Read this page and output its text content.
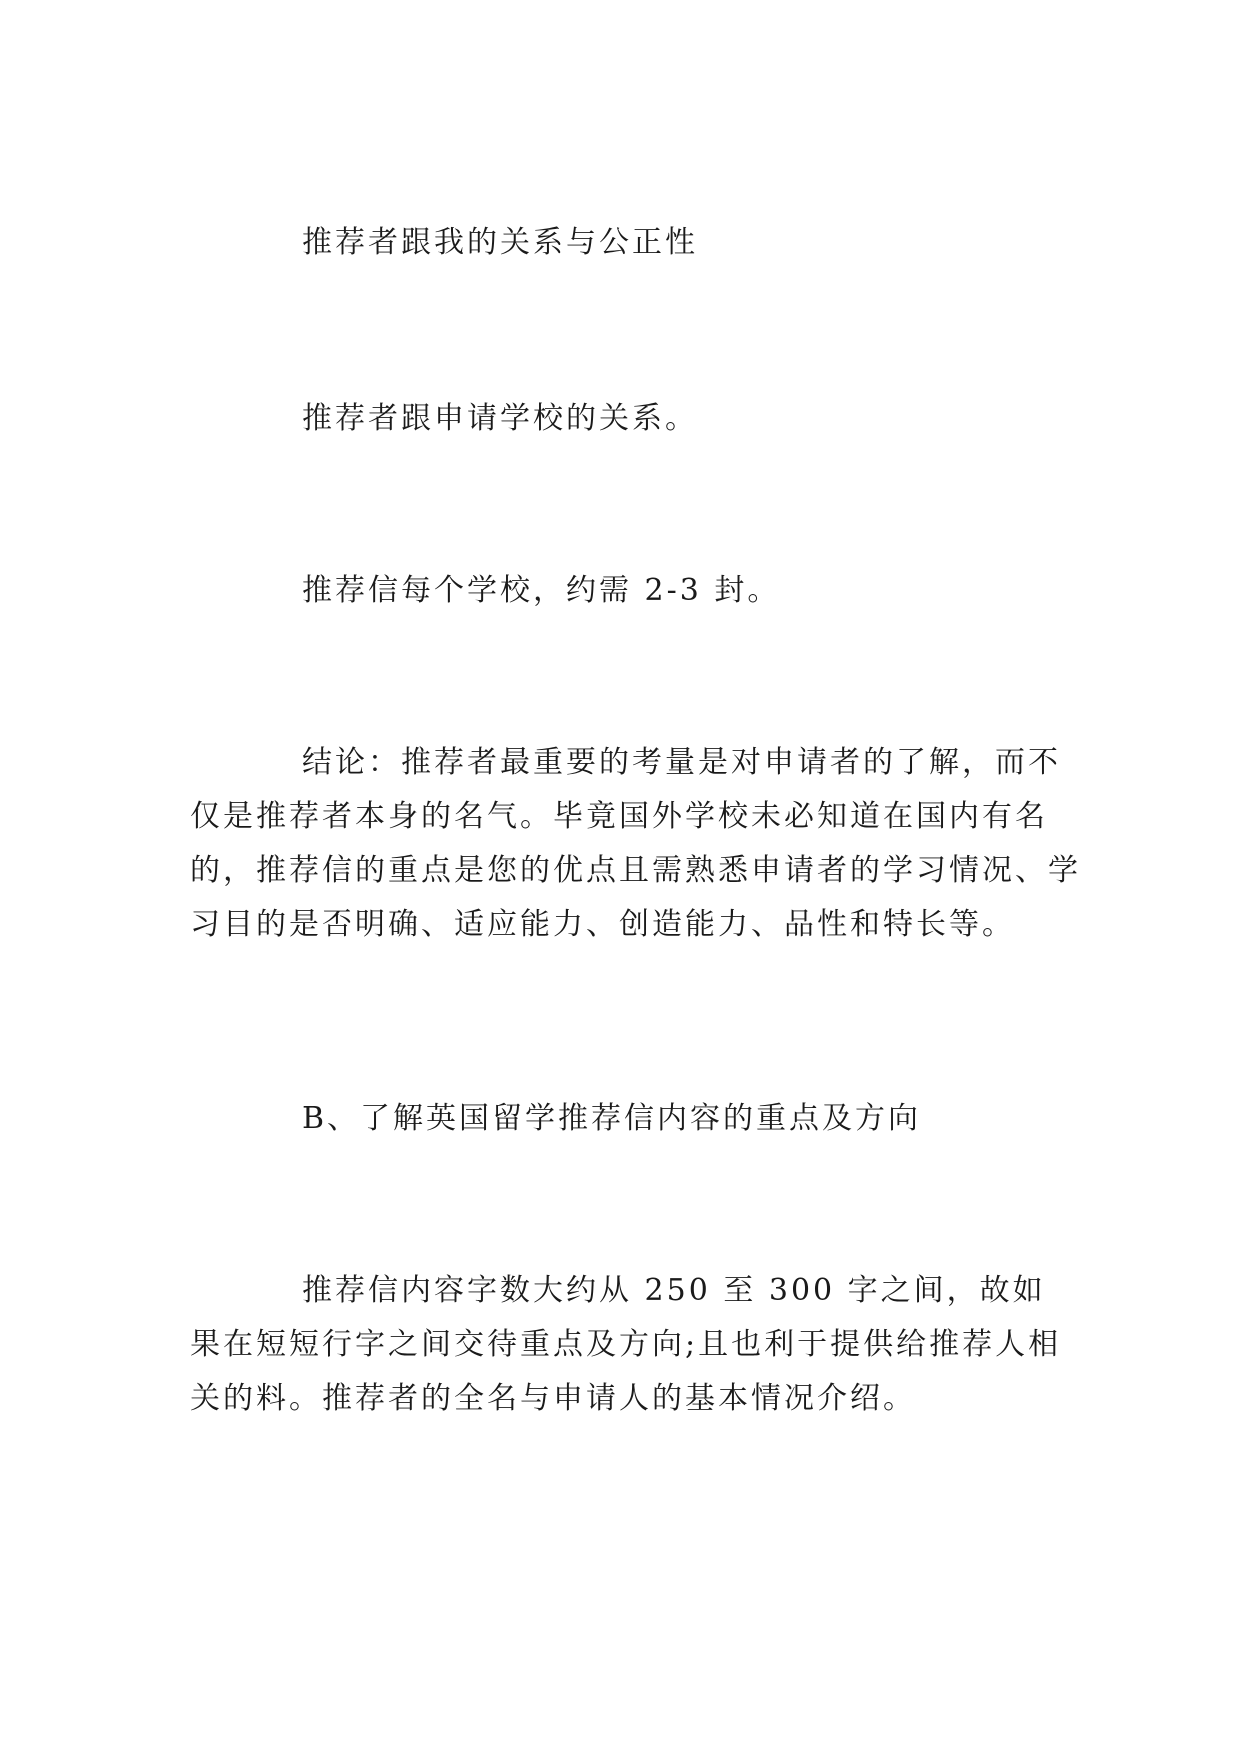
推荐者跟我的关系与公正性

推荐者跟申请学校的关系。

推荐信每个学校，约需 2-3 封。

结论：推荐者最重要的考量是对申请者的了解，而不仅是推荐者本身的名气。毕竟国外学校未必知道在国内有名的，推荐信的重点是您的优点且需熟悉申请者的学习情况、学习目的是否明确、适应能力、创造能力、品性和特长等。

B、了解英国留学推荐信内容的重点及方向

推荐信内容字数大约从 250 至 300 字之间，故如果在短短行字之间交待重点及方向;且也利于提供给推荐人相关的料。推荐者的全名与申请人的基本情况介绍。
